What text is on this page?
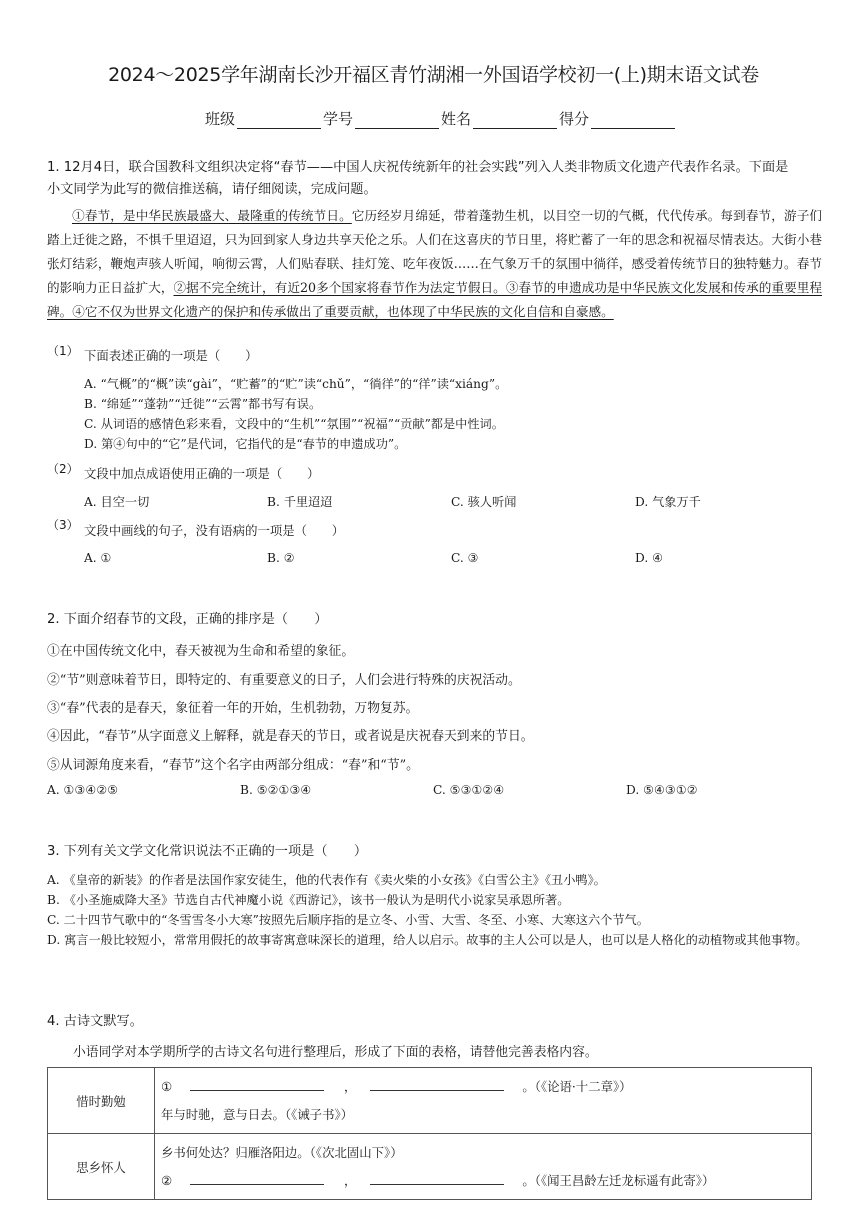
2024～2025学年湖南长沙开福区青竹湖湘一外国语学校初一(上)期末语文试卷
班级	学号	姓名	得分
1. 12月4日，联合国教科文组织决定将“春节——中国人庆祝传统新年的社会实践”列入人类非物质文化遗产代表作名录。下面是
小文同学为此写的微信推送稿，请仔细阅读，完成问题。
①春节，是中华民族最盛大、最隆重的传统节日。它历经岁月绵延，带着蓬勃生机，以目空一切的气概，代代传承。每到春节，游子们踏上迁徙之路，不惧千里迢迢，只为回到家人身边共享天伦之乐。人们在这喜庆的节日里，将贮蓄了一年的思念和祝福尽情表达。大街小巷张灯结彩，鞭炮声骇人听闻，响彻云霄，人们贴春联、挂灯笼、吃年夜饭……在气象万千的氛围中徜徉，感受着传统节日的独特魅力。春节的影响力正日益扩大，②据不完全统计，有近20多个国家将春节作为法定节假日。③春节的申遗成功是中华民族文化发展和传承的重要里程碑。④它不仅为世界文化遗产的保护和传承做出了重要贡献，也体现了中华民族的文化自信和自豪感。
（1） 下面表述正确的一项是（　　）
A. “气概”的“概”读“gài”，“贮蓄”的“贮”读“chǔ”，“徜徉”的“徉”读“xiáng”。
B. “绵延”“蓬勃”“迁徙”“云霄”都书写有误。
C. 从词语的感情色彩来看，文段中的“生机”“氛围”“祝福”“贡献”都是中性词。
D. 第④句中的“它”是代词，它指代的是“春节的申遗成功”。
（2） 文段中加点成语使用正确的一项是（　　）
A. 目空一切	B. 千里迢迢	C. 骇人听闻	D. 气象万千
（3） 文段中画线的句子，没有语病的一项是（　　）
A. ①	B. ②	C. ③	D. ④
2. 下面介绍春节的文段，正确的排序是（　　）
①在中国传统文化中，春天被视为生命和希望的象征。
②“节”则意味着节日，即特定的、有重要意义的日子，人们会进行特殊的庆祝活动。
③“春”代表的是春天，象征着一年的开始，生机勃勃，万物复苏。
④因此，“春节”从字面意义上解释，就是春天的节日，或者说是庆祝春天到来的节日。
⑤从词源角度来看，“春节”这个名字由两部分组成：“春”和“节”。
A. ①③④②⑤	B. ⑤②①③④	C. ⑤③①②④	D. ⑤④③①②
3. 下列有关文学文化常识说法不正确的一项是（　　）
A. 《皇帝的新装》的作者是法国作家安徒生，他的代表作有《卖火柴的小女孩》《白雪公主》《丑小鸭》。
B. 《小圣施威降大圣》节选自古代神魔小说《西游记》，该书一般认为是明代小说家吴承恩所著。
C. 二十四节气歌中的“冬雪雪冬小大寒”按照先后顺序指的是立冬、小雪、大雪、冬至、小寒、大寒这六个节气。
D. 寓言一般比较短小，常常用假托的故事寄寓意味深长的道理，给人以启示。故事的主人公可以是人，也可以是人格化的动植物或其他事物。
4. 古诗文默写。
小语同学对本学期所学的古诗文名句进行整理后，形成了下面的表格，请替他完善表格内容。
惜时勤勉	① ， 。（《论语·十二章》）
年与时驰，意与日去。（《诫子书》）

思乡怀人	乡书何处达？归雁洛阳边。（《次北固山下》）
② ， 。（《闻王昌龄左迁龙标遥有此寄》）
